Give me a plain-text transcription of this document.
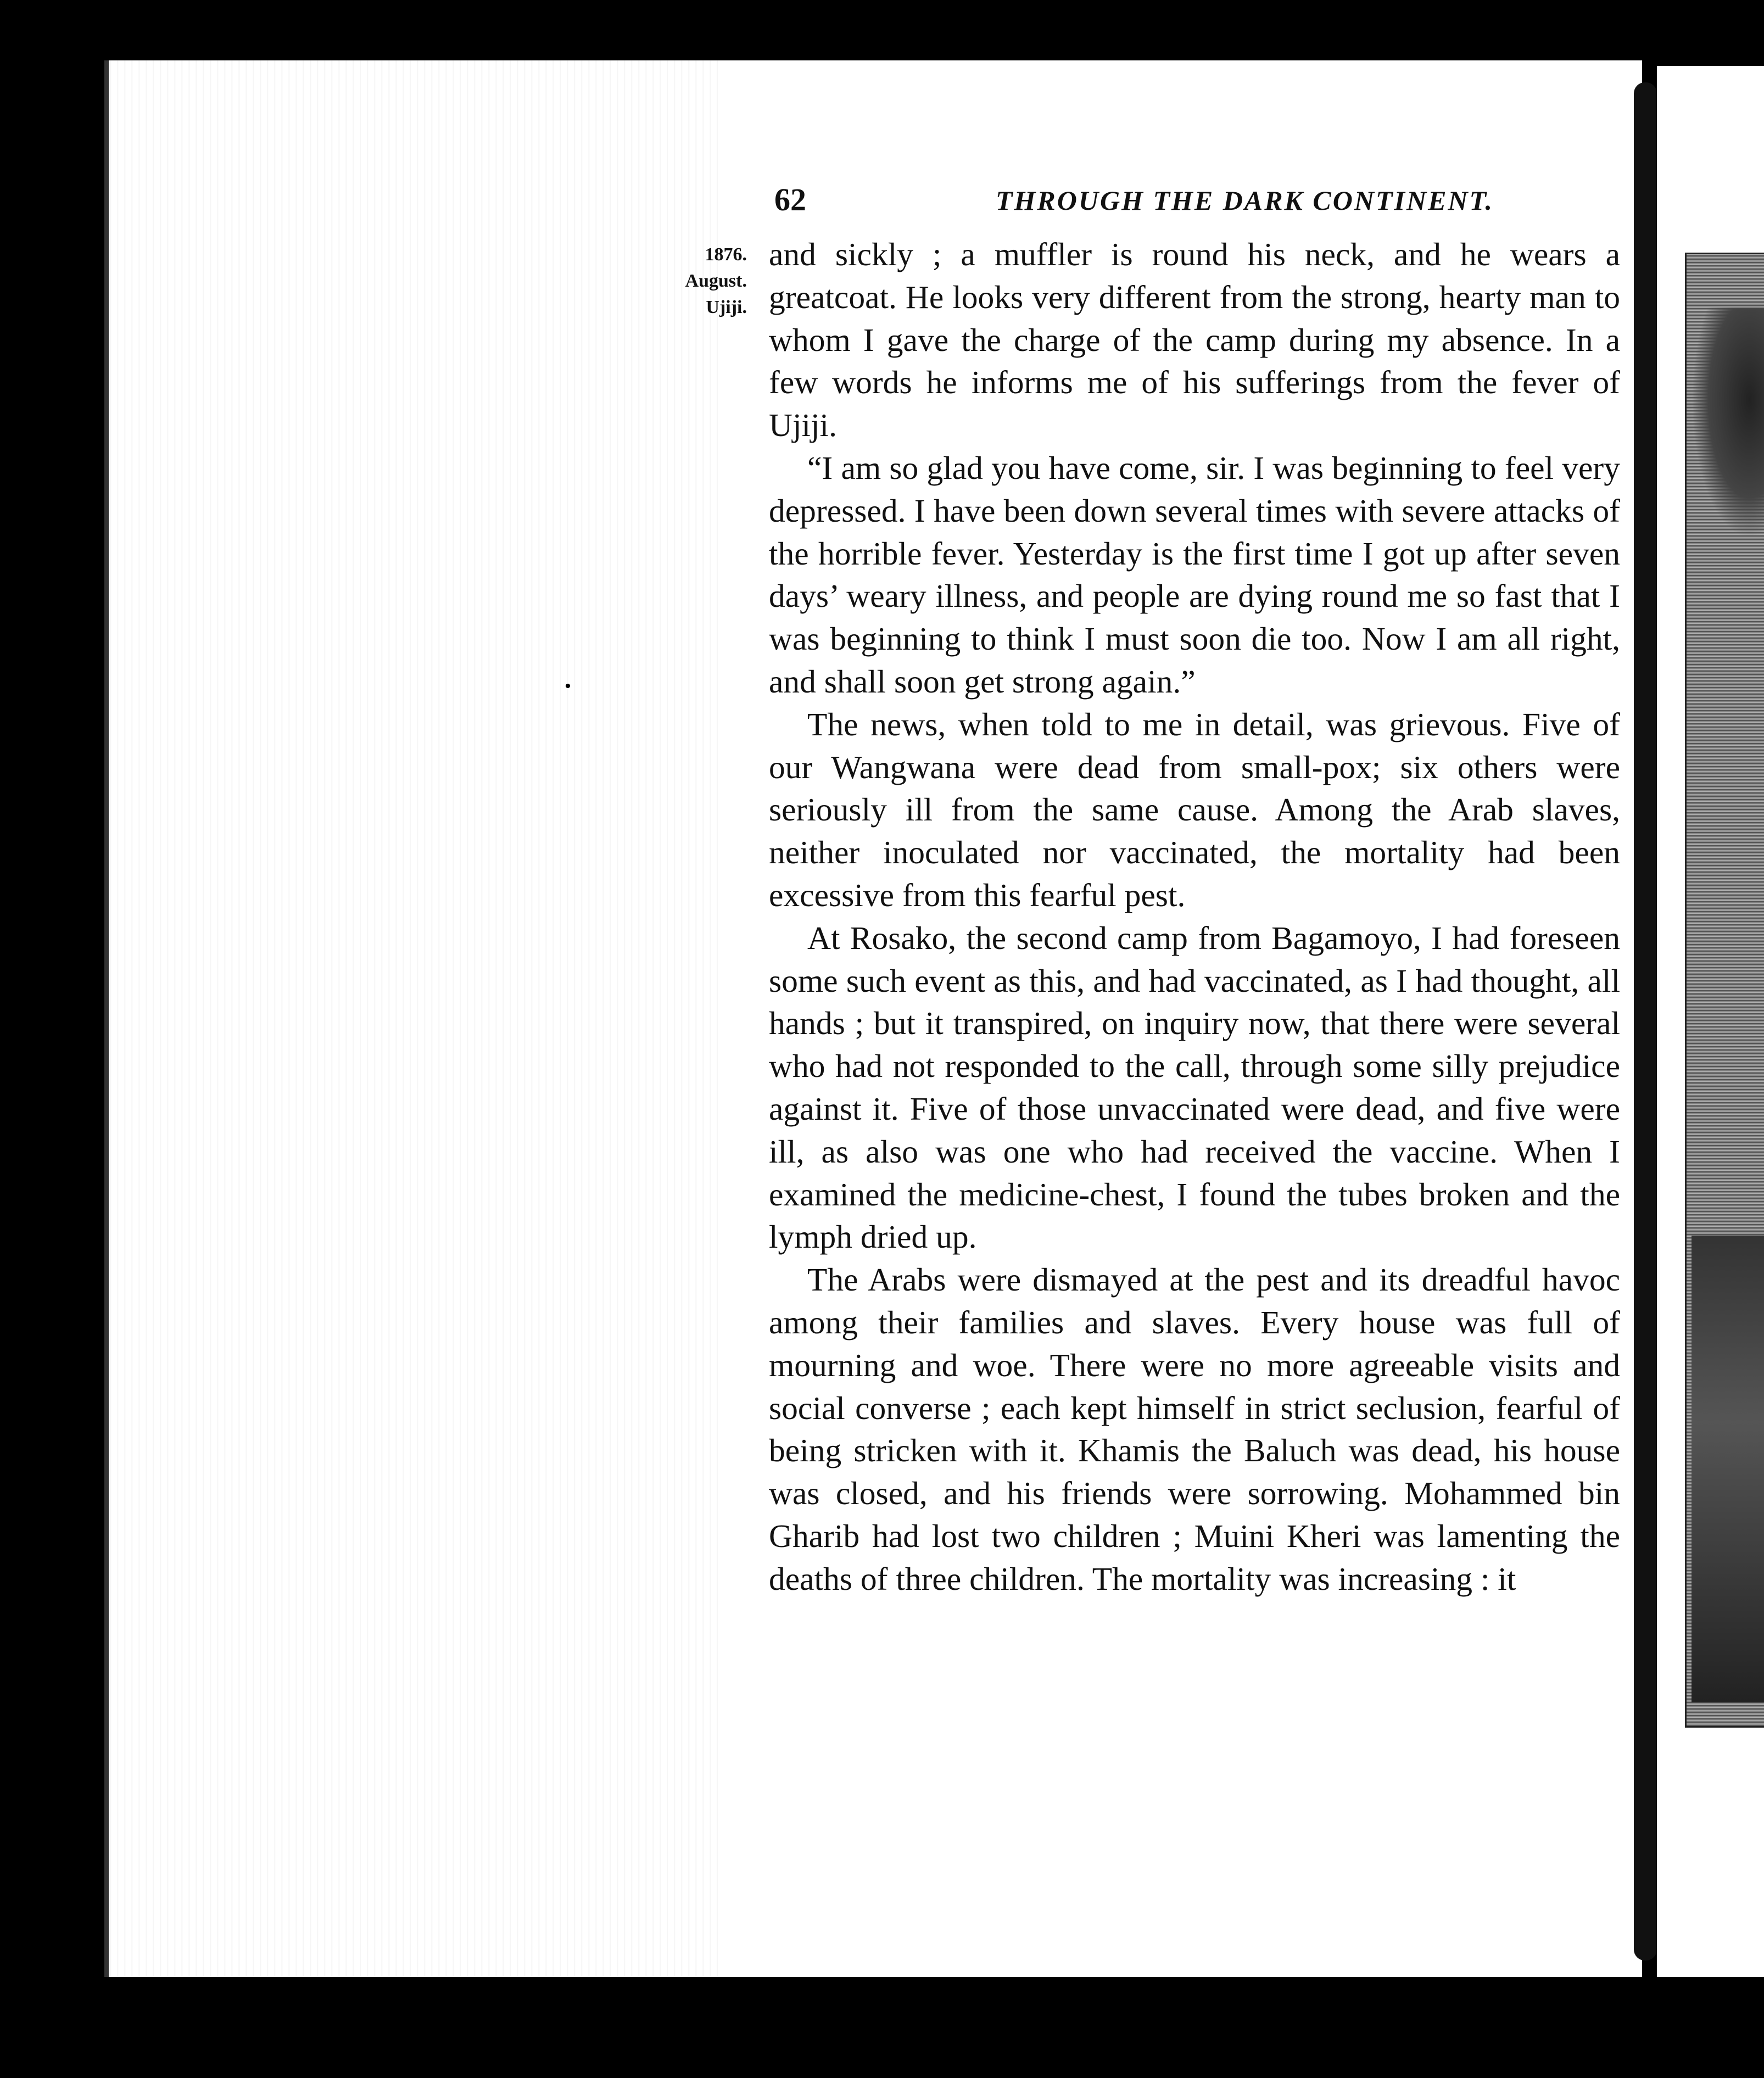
62	THROUGH THE DARK CONTINENT.
1876.
August.
Ujiji.

and sickly ; a muffler is round his neck, and he wears a greatcoat. He looks very different from the strong, hearty man to whom I gave the charge of the camp during my absence. In a few words he informs me of his sufferings from the fever of Ujiji.

“I am so glad you have come, sir. I was beginning to feel very depressed. I have been down several times with severe attacks of the horrible fever. Yesterday is the first time I got up after seven days’ weary illness, and people are dying round me so fast that I was beginning to think I must soon die too. Now I am all right, and shall soon get strong again.”

The news, when told to me in detail, was grievous. Five of our Wangwana were dead from small-pox; six others were seriously ill from the same cause. Among the Arab slaves, neither inoculated nor vaccinated, the mortality had been excessive from this fearful pest.

At Rosako, the second camp from Bagamoyo, I had foreseen some such event as this, and had vaccinated, as I had thought, all hands ; but it transpired, on inquiry now, that there were several who had not responded to the call, through some silly prejudice against it. Five of those unvaccinated were dead, and five were ill, as also was one who had received the vaccine. When I examined the medicine-chest, I found the tubes broken and the lymph dried up.

The Arabs were dismayed at the pest and its dreadful havoc among their families and slaves. Every house was full of mourning and woe. There were no more agreeable visits and social converse ; each kept himself in strict seclusion, fearful of being stricken with it. Khamis the Baluch was dead, his house was closed, and his friends were sorrowing. Mohammed bin Gharib had lost two children ; Muini Kheri was lamenting the deaths of three children. The mortality was increasing : it
